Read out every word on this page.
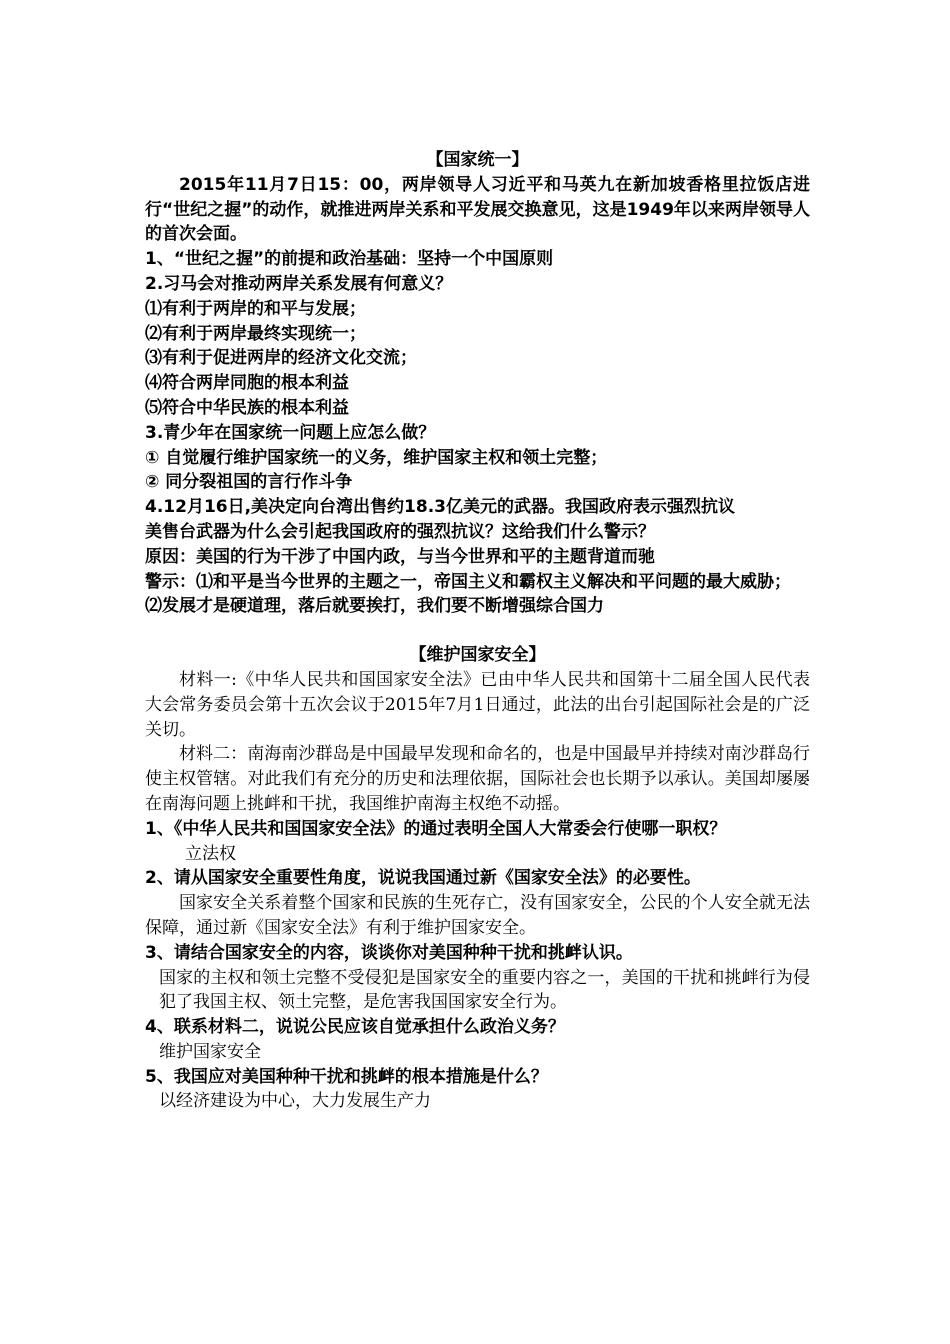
【国家统一】
2015年11月7日15：00，两岸领导人习近平和马英九在新加坡香格里拉饭店进行“世纪之握”的动作，就推进两岸关系和平发展交换意见，这是1949年以来两岸领导人的首次会面。
1、“世纪之握”的前提和政治基础：坚持一个中国原则
2.习马会对推动两岸关系发展有何意义？
⑴有利于两岸的和平与发展；
⑵有利于两岸最终实现统一；
⑶有利于促进两岸的经济文化交流；
⑷符合两岸同胞的根本利益
⑸符合中华民族的根本利益
3.青少年在国家统一问题上应怎么做？
① 自觉履行维护国家统一的义务，维护国家主权和领土完整；
② 同分裂祖国的言行作斗争
4.12月16日,美决定向台湾出售约18.3亿美元的武器。我国政府表示强烈抗议
美售台武器为什么会引起我国政府的强烈抗议？这给我们什么警示？
原因：美国的行为干涉了中国内政，与当今世界和平的主题背道而驰
警示：⑴和平是当今世界的主题之一，帝国主义和霸权主义解决和平问题的最大威胁；
⑵发展才是硬道理，落后就要挨打，我们要不断增强综合国力
【维护国家安全】
材料一:《中华人民共和国国家安全法》已由中华人民共和国第十二届全国人民代表大会常务委员会第十五次会议于2015年7月1日通过，此法的出台引起国际社会是的广泛关切。
材料二：南海南沙群岛是中国最早发现和命名的，也是中国最早并持续对南沙群岛行使主权管辖。对此我们有充分的历史和法理依据，国际社会也长期予以承认。美国却屡屡在南海问题上挑衅和干扰，我国维护南海主权绝不动摇。
1、《中华人民共和国国家安全法》的通过表明全国人大常委会行使哪一职权？
立法权
2、请从国家安全重要性角度，说说我国通过新《国家安全法》的必要性。
国家安全关系着整个国家和民族的生死存亡，没有国家安全，公民的个人安全就无法保障，通过新《国家安全法》有利于维护国家安全。
3、请结合国家安全的内容，谈谈你对美国种种干扰和挑衅认识。
国家的主权和领土完整不受侵犯是国家安全的重要内容之一，美国的干扰和挑衅行为侵犯了我国主权、领土完整，是危害我国国家安全行为。
4、联系材料二，说说公民应该自觉承担什么政治义务？
维护国家安全
5、我国应对美国种种干扰和挑衅的根本措施是什么？
以经济建设为中心，大力发展生产力
